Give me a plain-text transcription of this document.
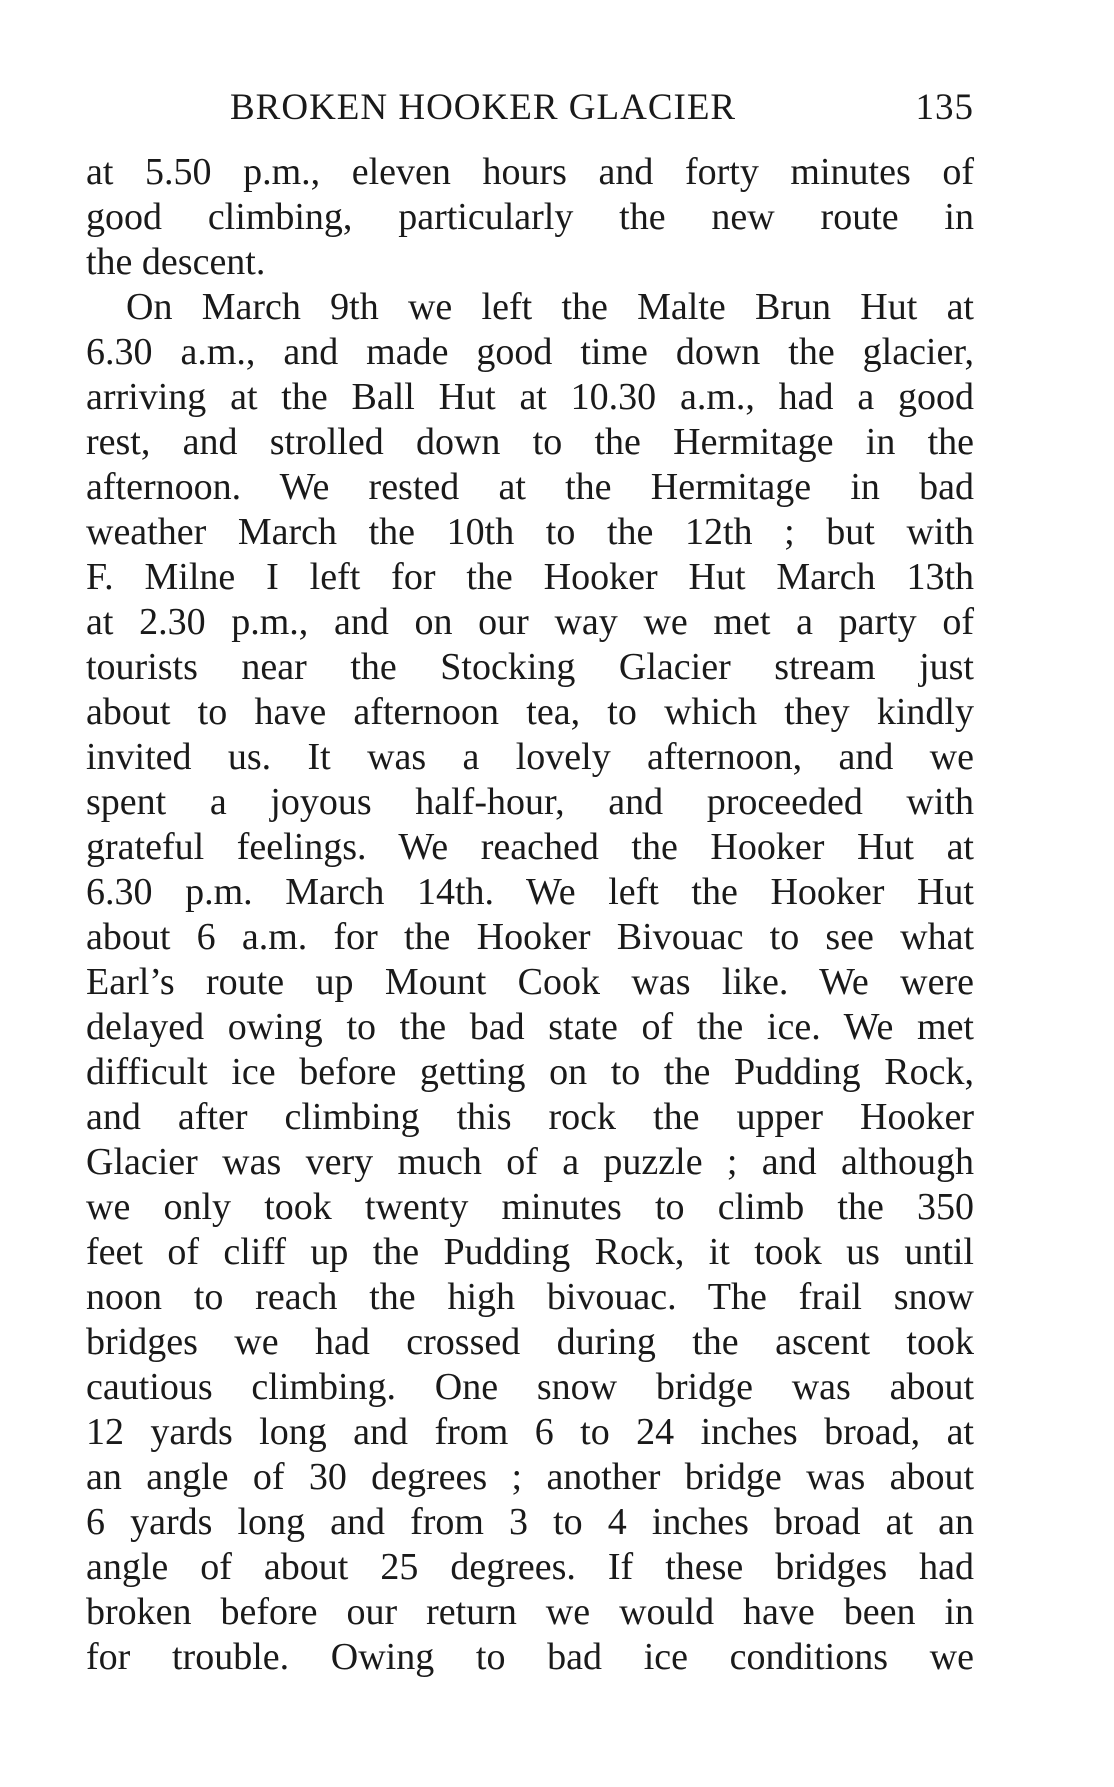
BROKEN HOOKER GLACIER	135
at 5.50 p.m., eleven hours and forty minutes of
good climbing, particularly the new route in
the descent.
On March 9th we left the Malte Brun Hut at
6.30 a.m., and made good time down the glacier,
arriving at the Ball Hut at 10.30 a.m., had a good
rest, and strolled down to the Hermitage in the
afternoon. We rested at the Hermitage in bad
weather March the 10th to the 12th ; but with
F. Milne I left for the Hooker Hut March 13th
at 2.30 p.m., and on our way we met a party of
tourists near the Stocking Glacier stream just
about to have afternoon tea, to which they kindly
invited us. It was a lovely afternoon, and we
spent a joyous half-hour, and proceeded with
grateful feelings. We reached the Hooker Hut at
6.30 p.m. March 14th. We left the Hooker Hut
about 6 a.m. for the Hooker Bivouac to see what
Earl’s route up Mount Cook was like. We were
delayed owing to the bad state of the ice. We met
difficult ice before getting on to the Pudding Rock,
and after climbing this rock the upper Hooker
Glacier was very much of a puzzle ; and although
we only took twenty minutes to climb the 350
feet of cliff up the Pudding Rock, it took us until
noon to reach the high bivouac. The frail snow
bridges we had crossed during the ascent took
cautious climbing. One snow bridge was about
12 yards long and from 6 to 24 inches broad, at
an angle of 30 degrees ; another bridge was about
6 yards long and from 3 to 4 inches broad at an
angle of about 25 degrees. If these bridges had
broken before our return we would have been in
for trouble. Owing to bad ice conditions we
